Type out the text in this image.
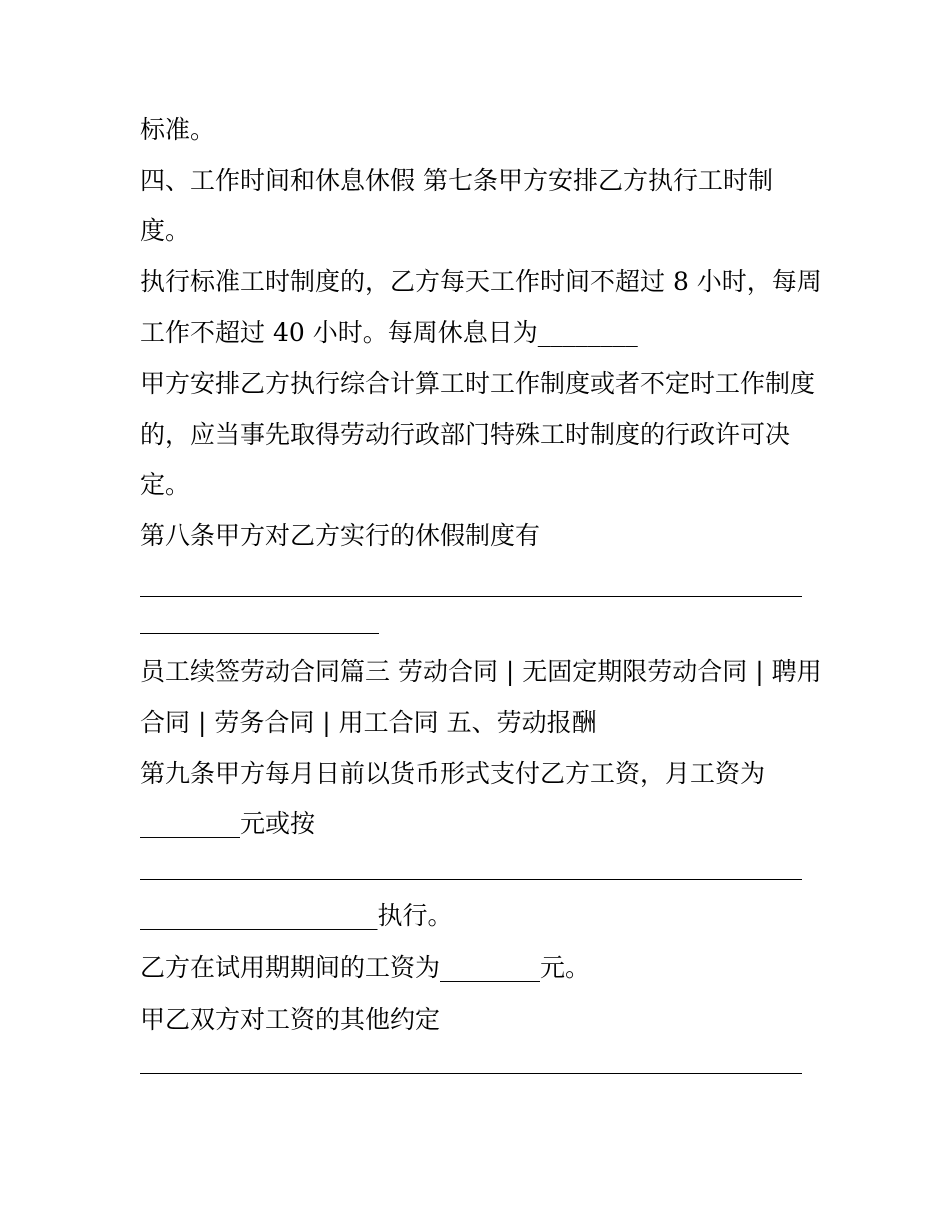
标准。

四、工作时间和休息休假 第七条甲方安排乙方执行工时制

度。

执行标准工时制度的，乙方每天工作时间不超过 8 小时，每周

工作不超过 40 小时。每周休息日为________

甲方安排乙方执行综合计算工时工作制度或者不定时工作制度

的，应当事先取得劳动行政部门特殊工时制度的行政许可决

定。

第八条甲方对乙方实行的休假制度有

员工续签劳动合同篇三 劳动合同 | 无固定期限劳动合同 | 聘用

合同 | 劳务合同 | 用工合同 五、劳动报酬

第九条甲方每月日前以货币形式支付乙方工资，月工资为

________元或按

___________________执行。

乙方在试用期期间的工资为________元。

甲乙双方对工资的其他约定
